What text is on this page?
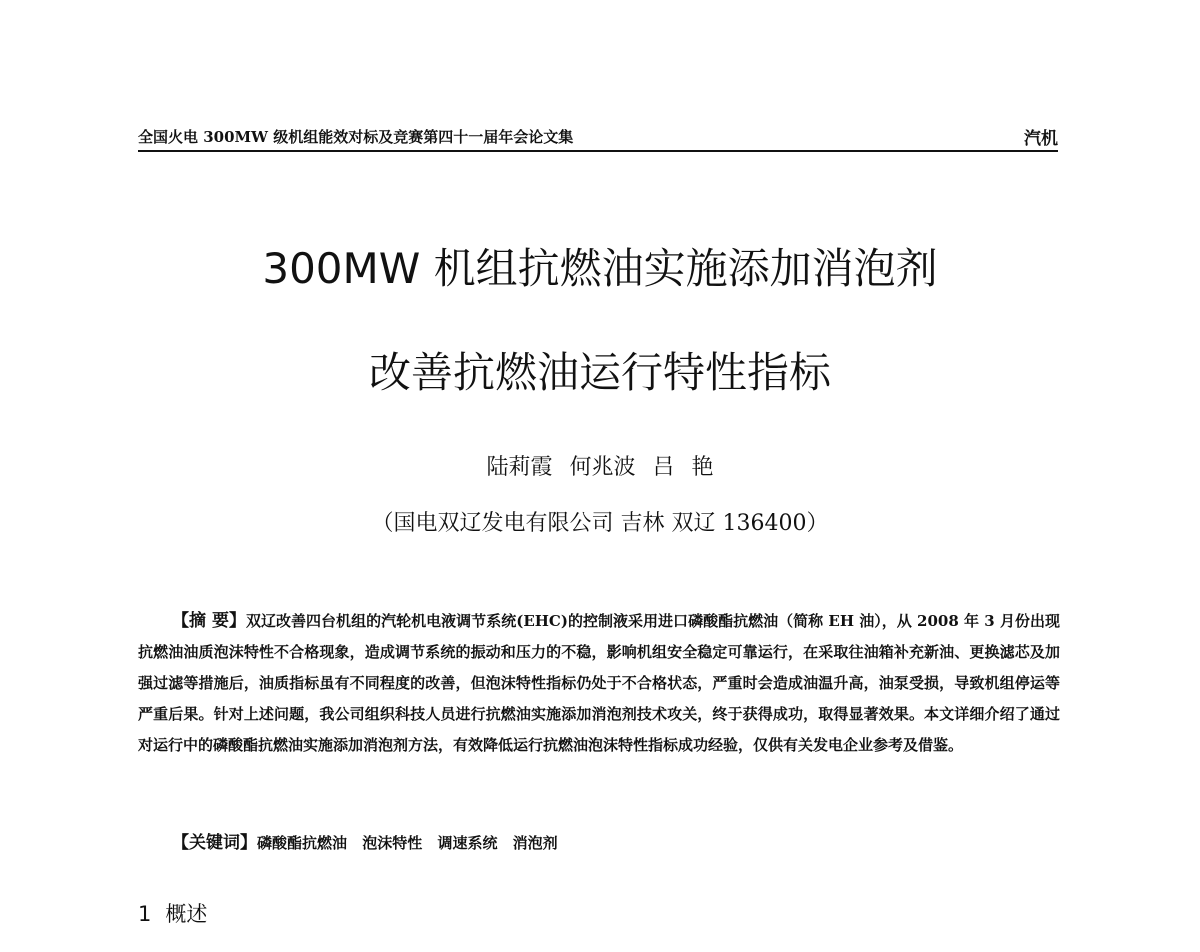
全国火电 300MW 级机组能效对标及竞赛第四十一届年会论文集	汽机
300MW 机组抗燃油实施添加消泡剂
改善抗燃油运行特性指标
陆莉霞 何兆波 吕 艳
（国电双辽发电有限公司 吉林 双辽 136400）
【摘 要】双辽改善四台机组的汽轮机电液调节系统(EHC)的控制液采用进口磷酸酯抗燃油（简称 EH 油），从 2008 年 3 月份出现抗燃油油质泡沫特性不合格现象，造成调节系统的振动和压力的不稳，影响机组安全稳定可靠运行，在采取往油箱补充新油、更换滤芯及加强过滤等措施后，油质指标虽有不同程度的改善，但泡沫特性指标仍处于不合格状态，严重时会造成油温升高，油泵受损，导致机组停运等严重后果。针对上述问题，我公司组织科技人员进行抗燃油实施添加消泡剂技术攻关，终于获得成功，取得显著效果。本文详细介绍了通过对运行中的磷酸酯抗燃油实施添加消泡剂方法，有效降低运行抗燃油泡沫特性指标成功经验，仅供有关发电企业参考及借鉴。
【关键词】磷酸酯抗燃油 泡沫特性 调速系统 消泡剂
1 概述
